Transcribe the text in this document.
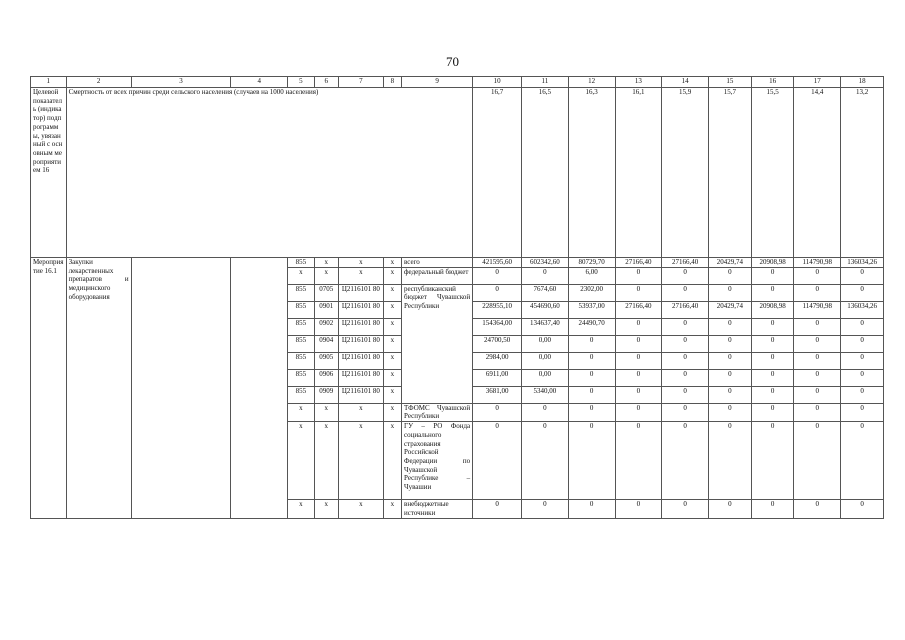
70
1	2	3	4	5	6	7	8	9	10	11	12	13	14	15	16	17	18
Целевой показатель (индикатор) подпрограммы, увязанный с основным мероприятием 16	Смертность от всех причин среди сельского населения (случаев на 1000 населения)								16,7	16,5	16,3	16,1	15,9	15,7	15,5	14,4	13,2
Мероприятие 16.1	Закупки лекарственных препаратов и медицинского оборудования			855	x	x	x	всего	421595,60	602342,60	80729,70	27166,40	27166,40	20429,74	20908,98	114790,98	136034,26
				x	x	x	x	федеральный бюджет	0	0	6,00	0	0	0	0	0	0
				855	0705	Ц2116101 80	x	республиканский бюджет Чувашской Республики	0	7674,60	2302,00	0	0	0	0	0	0
				855	0901	Ц2116101 80	x		228955,10	454690,60	53937,00	27166,40	27166,40	20429,74	20908,98	114790,98	136034,26
				855	0902	Ц2116101 80	x		154364,00	134637,40	24490,70	0	0	0	0	0	0
				855	0904	Ц2116101 80	x		24700,50	0,00	0	0	0	0	0	0	0
				855	0905	Ц2116101 80	x		2984,00	0,00	0	0	0	0	0	0	0
				855	0906	Ц2116101 80	x		6911,00	0,00	0	0	0	0	0	0	0
				855	0909	Ц2116101 80	x		3681,00	5340,00	0	0	0	0	0	0	0
				x	x	x	x	ТФОМС Чувашской Республики	0	0	0	0	0	0	0	0	0
				x	x	x	x	ГУ – РО Фонда социального страхования Российской Федерации по Чувашской Республике – Чувашии	0	0	0	0	0	0	0	0	0
				x	x	x	x	внебюджетные источники	0	0	0	0	0	0	0	0	0
